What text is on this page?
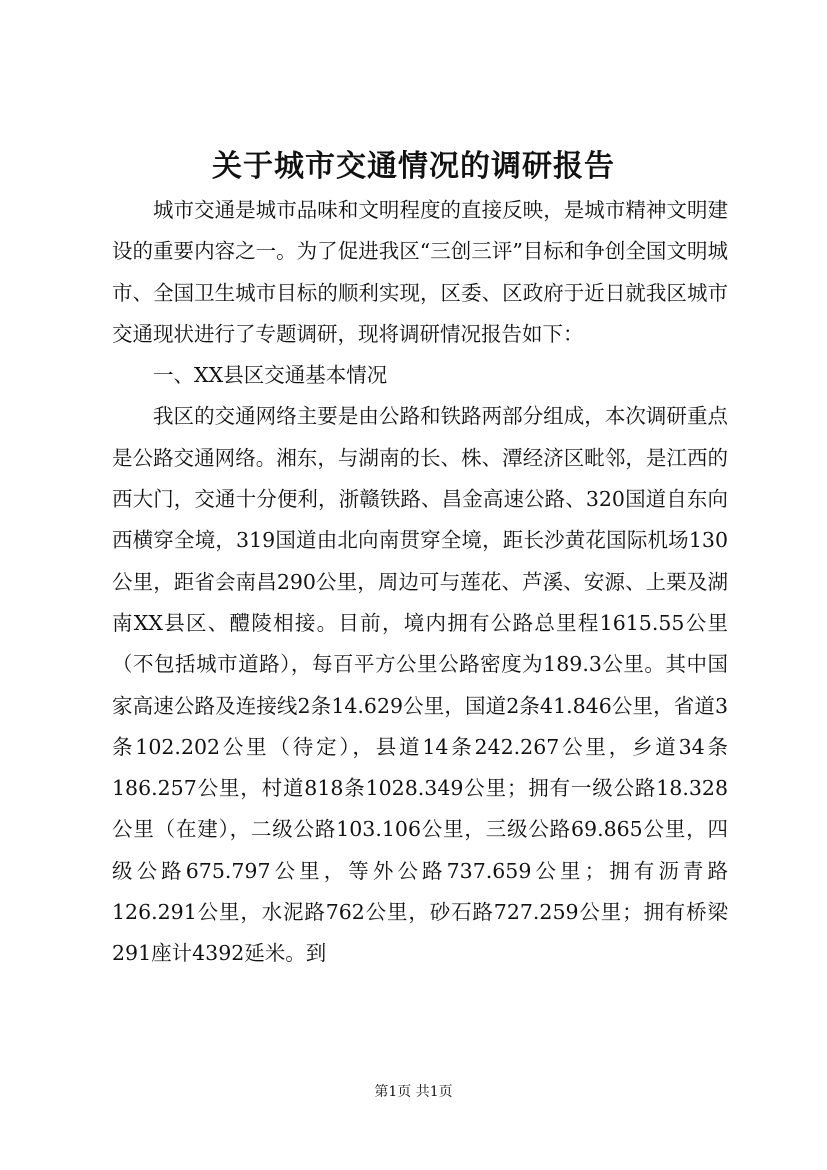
关于城市交通情况的调研报告

城市交通是城市品味和文明程度的直接反映，是城市精神文明建设的重要内容之一。为了促进我区“三创三评”目标和争创全国文明城市、全国卫生城市目标的顺利实现，区委、区政府于近日就我区城市交通现状进行了专题调研，现将调研情况报告如下：

一、XX县区交通基本情况

我区的交通网络主要是由公路和铁路两部分组成，本次调研重点是公路交通网络。湘东，与湖南的长、株、潭经济区毗邻，是江西的西大门，交通十分便利，浙赣铁路、昌金高速公路、320国道自东向西横穿全境，319国道由北向南贯穿全境，距长沙黄花国际机场130公里，距省会南昌290公里，周边可与莲花、芦溪、安源、上栗及湖南XX县区、醴陵相接。目前，境内拥有公路总里程1615.55公里（不包括城市道路），每百平方公里公路密度为189.3公里。其中国家高速公路及连接线2条14.629公里，国道2条41.846公里，省道3条102.202公里（待定），县道14条242.267公里，乡道34条186.257公里，村道818条1028.349公里；拥有一级公路18.328公里（在建），二级公路103.106公里，三级公路69.865公里，四级公路675.797公里，等外公路737.659公里；拥有沥青路126.291公里，水泥路762公里，砂石路727.259公里；拥有桥梁291座计4392延米。到

第1页 共1页
